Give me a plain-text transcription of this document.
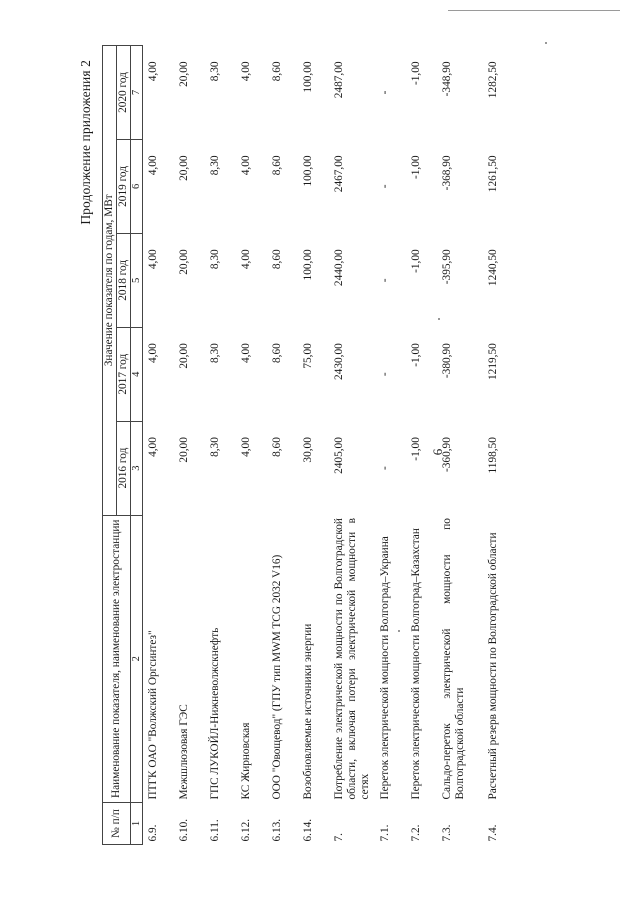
6
Продолжение приложения 2
№ п/п	Наименование показателя, наименование электростанции	Значение показателя по годам, МВт				
		2016 год	2017 год	2018 год	2019 год	2020 год
1	2	3	4	5	6	7
6.9.	ПТГК ОАО "Волжский Оргсинтез"	4,00	4,00	4,00	4,00	4,00
6.10.	Межшлюзовая ГЭС	20,00	20,00	20,00	20,00	20,00
6.11.	ГПС ЛУКОЙЛ-Нижневолжскнефть	8,30	8,30	8,30	8,30	8,30
6.12.	КС Жирновская	4,00	4,00	4,00	4,00	4,00
6.13.	ООО "Овощевод" (ГПУ тип MWM TCG 2032 V16)	8,60	8,60	8,60	8,60	8,60
6.14.	Возобновляемые источники энергии	30,00	75,00	100,00	100,00	100,00
7.	Потребление электрической мощности по Волгоградской области, включая потери электрической мощности в сетях	2405,00	2430,00	2440,00	2467,00	2487,00
7.1.	Переток электрической мощности Волгоград–Украина	-	-	-	-	-
7.2.	Переток электрической мощности Волгоград–Казахстан	-1,00	-1,00	-1,00	-1,00	-1,00
7.3.	Сальдо-переток электрической мощности по Волгоградской области	-360,90	-380,90	-395,90	-368,90	-348,90
7.4.	Расчетный резерв мощности по Волгоградской области	1198,50	1219,50	1240,50	1261,50	1282,50
